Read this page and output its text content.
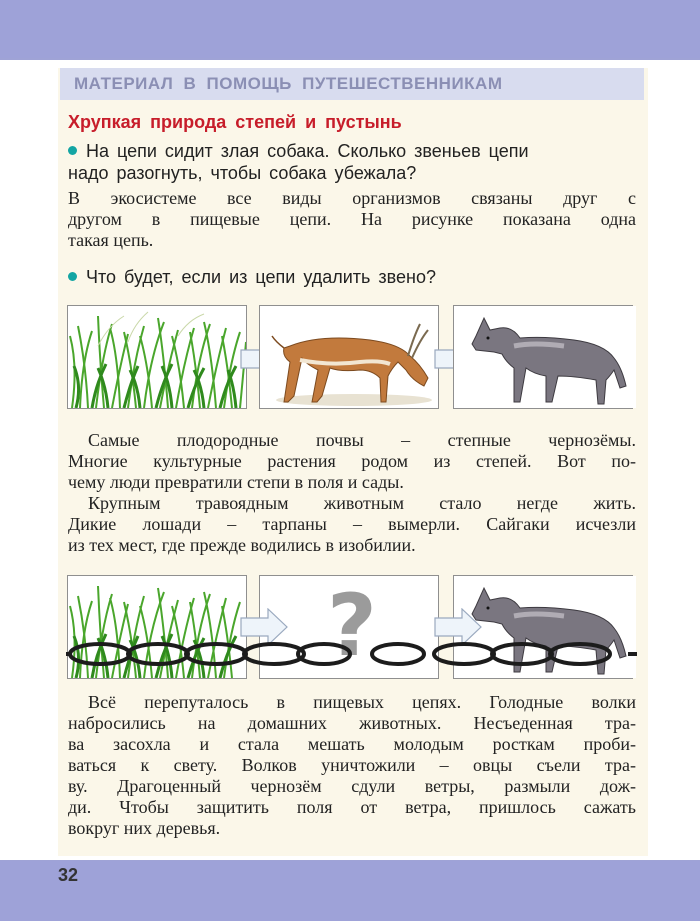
МАТЕРИАЛ В ПОМОЩЬ ПУТЕШЕСТВЕННИКАМ
Хрупкая природа степей и пустынь
На цепи сидит злая собака. Сколько звеньев цепи
надо разогнуть, чтобы собака убежала?

В экосистеме все виды организмов связаны друг с

другом в пищевые цепи. На рисунке показана одна

такая цепь.

Что будет, если из цепи удалить звено?

Самые плодородные почвы – степные чернозёмы.

Многие культурные растения родом из степей. Вот по-

чему люди превратили степи в поля и сады.

Крупным травоядным животным стало негде жить.

Дикие лошади – тарпаны – вымерли. Сайгаки исчезли

из тех мест, где прежде водились в изобилии.

?

Всё перепуталось в пищевых цепях. Голодные волки

набросились на домашних животных. Несъеденная тра-

ва засохла и стала мешать молодым росткам проби-

ваться к свету. Волков уничтожили – овцы съели тра-

ву. Драгоценный чернозём сдули ветры, размыли дож-

ди. Чтобы защитить поля от ветра, пришлось сажать

вокруг них деревья.

32
